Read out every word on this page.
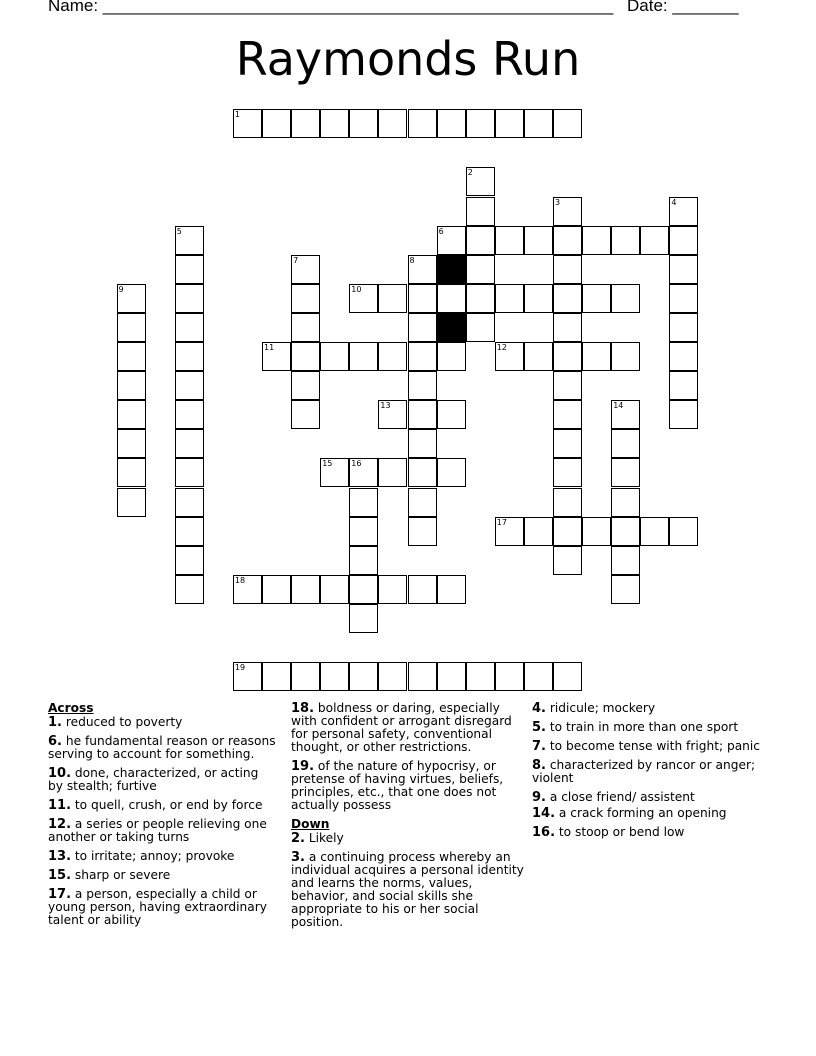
Name: ______________________________________________________ Date: _______
Raymonds Run
1
6
10
11	12
13
15 16
17
18
19
2
3	4
5
7	8
9
14
Across
1. reduced to poverty
6. he fundamental reason or reasons serving to account for something.
10. done, characterized, or acting by stealth; furtive
11. to quell, crush, or end by force
12. a series or people relieving one another or taking turns
13. to irritate; annoy; provoke
15. sharp or severe
17. a person, especially a child or young person, having extraordinary talent or ability
18. boldness or daring, especially with confident or arrogant disregard for personal safety, conventional thought, or other restrictions.
19. of the nature of hypocrisy, or pretense of having virtues, beliefs, principles, etc., that one does not actually possess
Down
2. Likely
3. a continuing process whereby an individual acquires a personal identity and learns the norms, values, behavior, and social skills she appropriate to his or her social position.
4. ridicule; mockery
5. to train in more than one sport
7. to become tense with fright; panic
8. characterized by rancor or anger; violent
9. a close friend/ assistent
14. a crack forming an opening
16. to stoop or bend low
